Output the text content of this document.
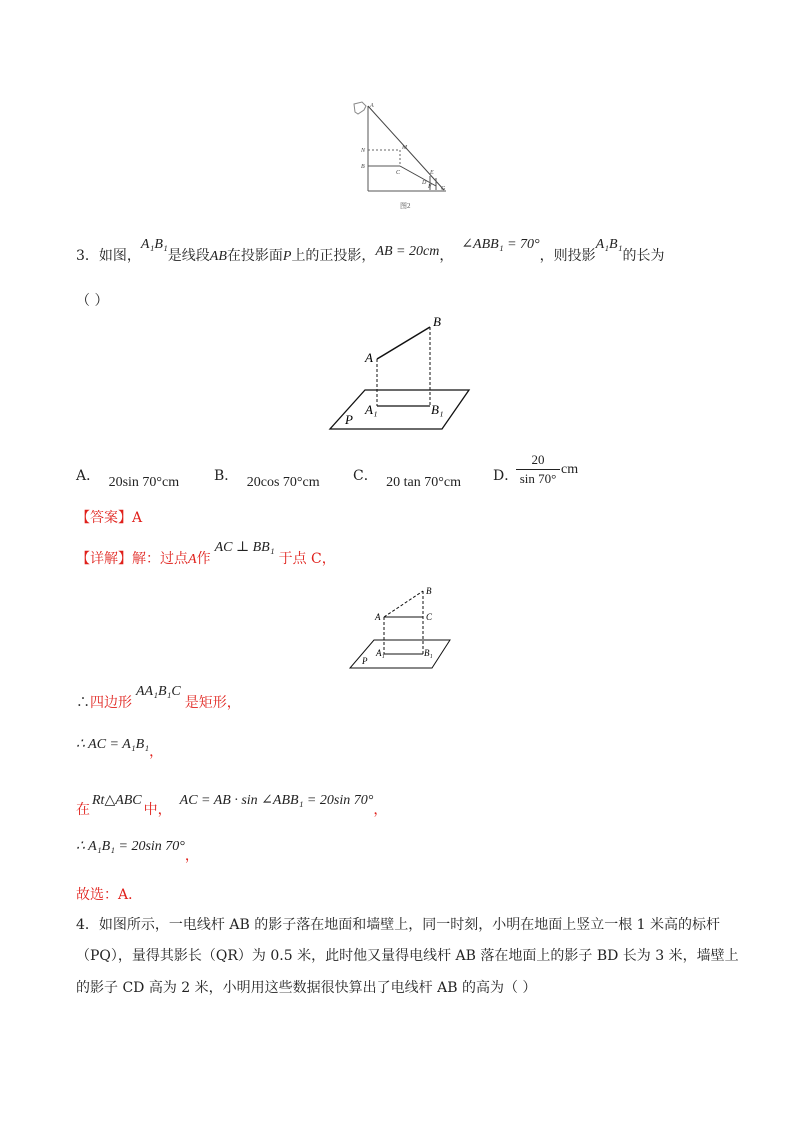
A
N	M
B
C
D
E
F G
图2
3．如图，A₁B₁是线段AB在投影面P上的正投影，AB = 20cm，∠ABB₁ = 70°，则投影A₁B₁的长为
（ ）
B
A
A₁	B₁
P
A． 20sin 70°cm B． 20cos 70°cm C． 20 tan 70°cm D．
20
sin 70°
cm
【答案】A
【详解】解：过点A作AC ⊥ BB₁于点 C，
B
A	C
A₁	B₁
P
∴四边形AA₁B₁C是矩形，
∴ AC = A₁B₁，
在Rt△ABC中，AC = AB · sin ∠ABB₁ = 20sin 70°，
∴ A₁B₁ = 20sin 70°，
故选：A．
4．如图所示，一电线杆 AB 的影子落在地面和墙壁上，同一时刻，小明在地面上竖立一根 1 米高的标杆
（PQ），量得其影长（QR）为 0.5 米，此时他又量得电线杆 AB 落在地面上的影子 BD 长为 3 米，墙壁上
的影子 CD 高为 2 米，小明用这些数据很快算出了电线杆 AB 的高为（ ）
